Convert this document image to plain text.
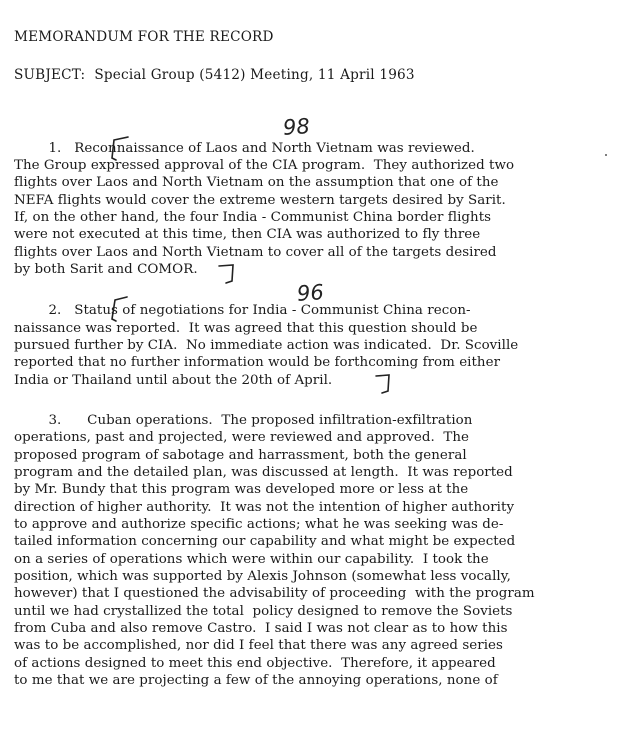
MEMORANDUM FOR THE RECORD
SUBJECT: Special Group (5412) Meeting, 11 April 1963
98
96
1.   Reconnaissance of Laos and North Vietnam was reviewed.
The Group expressed approval of the CIA program.  They authorized two
flights over Laos and North Vietnam on the assumption that one of the
NEFA flights would cover the extreme western targets desired by Sarit.
If, on the other hand, the four India - Communist China border flights
were not executed at this time, then CIA was authorized to fly three
flights over Laos and North Vietnam to cover all of the targets desired
by both Sarit and COMOR.
2.   Status of negotiations for India - Communist China recon-
naissance was reported.  It was agreed that this question should be
pursued further by CIA.  No immediate action was indicated.  Dr. Scoville
reported that no further information would be forthcoming from either
India or Thailand until about the 20th of April.
3.      Cuban operations.  The proposed infiltration-exfiltration
operations, past and projected, were reviewed and approved.  The
proposed program of sabotage and harrassment, both the general
program and the detailed plan, was discussed at length.  It was reported
by Mr. Bundy that this program was developed more or less at the
direction of higher authority.  It was not the intention of higher authority
to approve and authorize specific actions; what he was seeking was de-
tailed information concerning our capability and what might be expected
on a series of operations which were within our capability.  I took the
position, which was supported by Alexis Johnson (somewhat less vocally,
however) that I questioned the advisability of proceeding  with the program
until we had crystallized the total  policy designed to remove the Soviets
from Cuba and also remove Castro.  I said I was not clear as to how this
was to be accomplished, nor did I feel that there was any agreed series
of actions designed to meet this end objective.  Therefore, it appeared
to me that we are projecting a few of the annoying operations, none of
